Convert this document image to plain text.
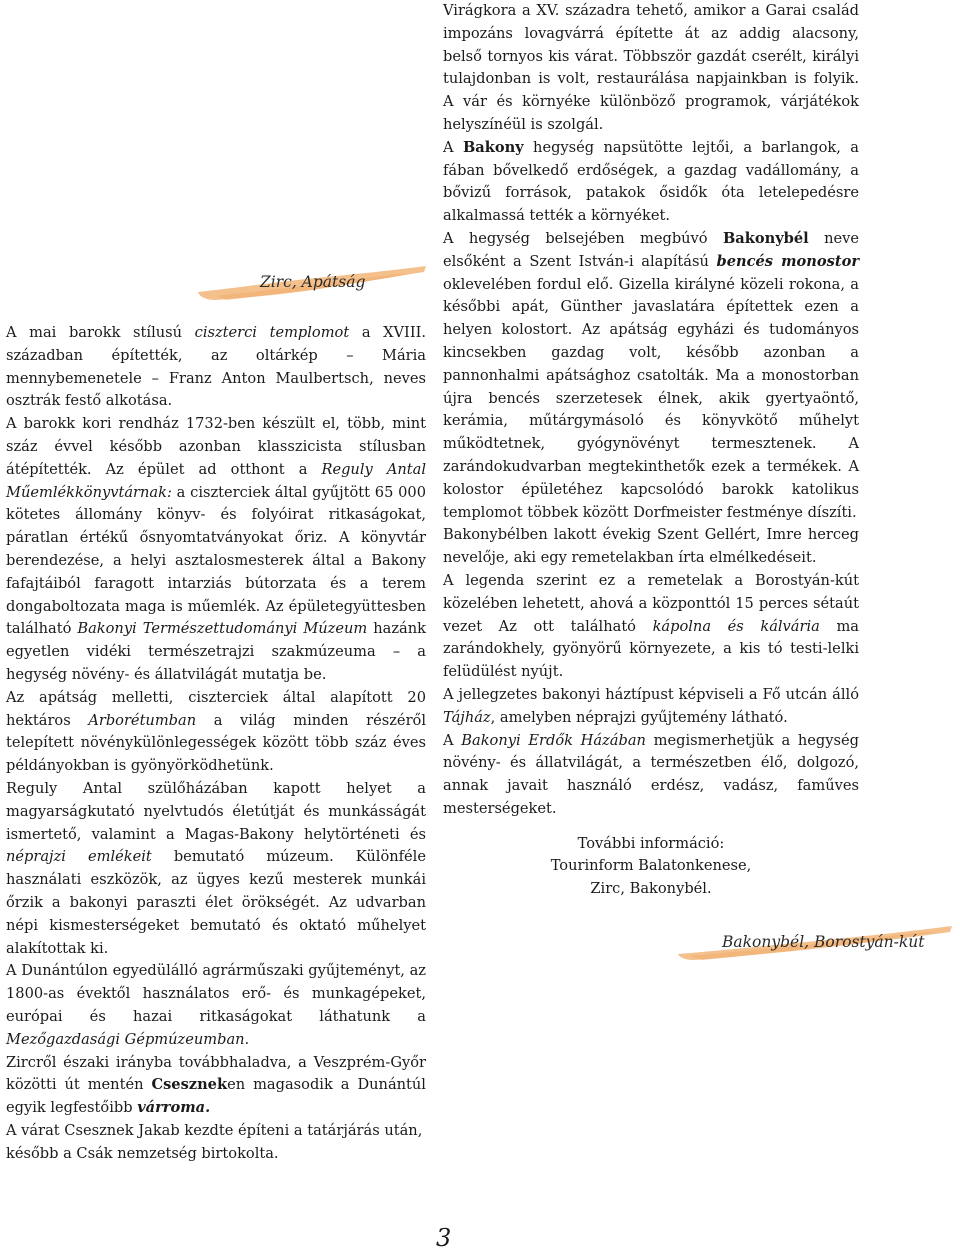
Zirc, Apátság

A mai barokk stílusú ciszterci templomot a XVIII. században építették, az oltárkép – Mária mennybemenetele – Franz Anton Maulbertsch, neves osztrák festő alkotása.

A barokk kori rendház 1732-ben készült el, több, mint száz évvel később azonban klasszicista stílusban átépítették. Az épület ad otthont a Reguly Antal Műemlékkönyvtárnak: a ciszterciek által gyűjtött 65 000 kötetes állomány könyv- és folyóirat ritkaságokat, páratlan értékű ősnyomtatványokat őriz. A könyvtár berendezése, a helyi asztalosmesterek által a Bakony fafajtáiból faragott intarziás bútorzata és a terem dongaboltozata maga is műemlék. Az épületegyüttesben található Bakonyi Természettudományi Múzeum hazánk egyetlen vidéki természetrajzi szakmúzeuma – a hegység növény- és állatvilágát mutatja be.

Az apátság melletti, ciszterciek által alapított 20 hektáros Arborétumban a világ minden részéről telepített növénykülönlegességek között több száz éves példányokban is gyönyörködhetünk.

Reguly Antal szülőházában kapott helyet a magyarságkutató nyelvtudós életútját és munkásságát ismertető, valamint a Magas-Bakony helytörténeti és néprajzi emlékeit bemutató múzeum. Különféle használati eszközök, az ügyes kezű mesterek munkái őrzik a bakonyi paraszti élet örökségét. Az udvarban népi kismesterségeket bemutató és oktató műhelyet alakítottak ki.

A Dunántúlon egyedülálló agrárműszaki gyűjteményt, az 1800-as évektől használatos erő- és munkagépeket, európai és hazai ritkaságokat láthatunk a Mezőgazdasági Gépmúzeumban.

Zircről északi irányba továbbhaladva, a Veszprém-Győr közötti út mentén Cseszneken magasodik a Dunántúl egyik legfestőibb várroma.

A várat Csesznek Jakab kezdte építeni a tatárjárás után, később a Csák nemzetség birtokolta.

Virágkora a XV. századra tehető, amikor a Garai család impozáns lovagvárrá építette át az addig alacsony, belső tornyos kis várat. Többször gazdát cserélt, királyi tulajdonban is volt, restaurálása napjainkban is folyik. A vár és környéke különböző programok, várjátékok helyszínéül is szolgál.

A Bakony hegység napsütötte lejtői, a barlangok, a fában bővelkedő erdőségek, a gazdag vadállomány, a bővizű források, patakok ősidők óta letelepedésre alkalmassá tették a környéket.

A hegység belsejében megbúvó Bakonybél neve elsőként a Szent István-i alapítású bencés monostor oklevelében fordul elő. Gizella királyné közeli rokona, a későbbi apát, Günther javaslatára építettek ezen a helyen kolostort. Az apátság egyházi és tudományos kincsekben gazdag volt, később azonban a pannonhalmi apátsághoz csatolták. Ma a monostorban újra bencés szerzetesek élnek, akik gyertyaöntő, kerámia, műtárgymásoló és könyvkötő műhelyt működtetnek, gyógynövényt termesztenek. A zarándokudvarban megtekinthetők ezek a termékek. A kolostor épületéhez kapcsolódó barokk katolikus templomot többek között Dorfmeister festménye díszíti.

Bakonybélben lakott évekig Szent Gellért, Imre herceg nevelője, aki egy remetelakban írta elmélkedéseit.

A legenda szerint ez a remetelak a Borostyán-kút közelében lehetett, ahová a központtól 15 perces sétaút vezet Az ott található kápolna és kálvária ma zarándokhely, gyönyörű környezete, a kis tó testi-lelki felüdülést nyújt.

A jellegzetes bakonyi háztípust képviseli a Fő utcán álló Tájház, amelyben néprajzi gyűjtemény látható.

A Bakonyi Erdők Házában megismerhetjük a hegység növény- és állatvilágát, a természetben élő, dolgozó, annak javait használó erdész, vadász, faműves mesterségeket.

További információ:

Tourinform Balatonkenese,

Zirc, Bakonybél.

Bakonybél, Borostyán-kút
3
